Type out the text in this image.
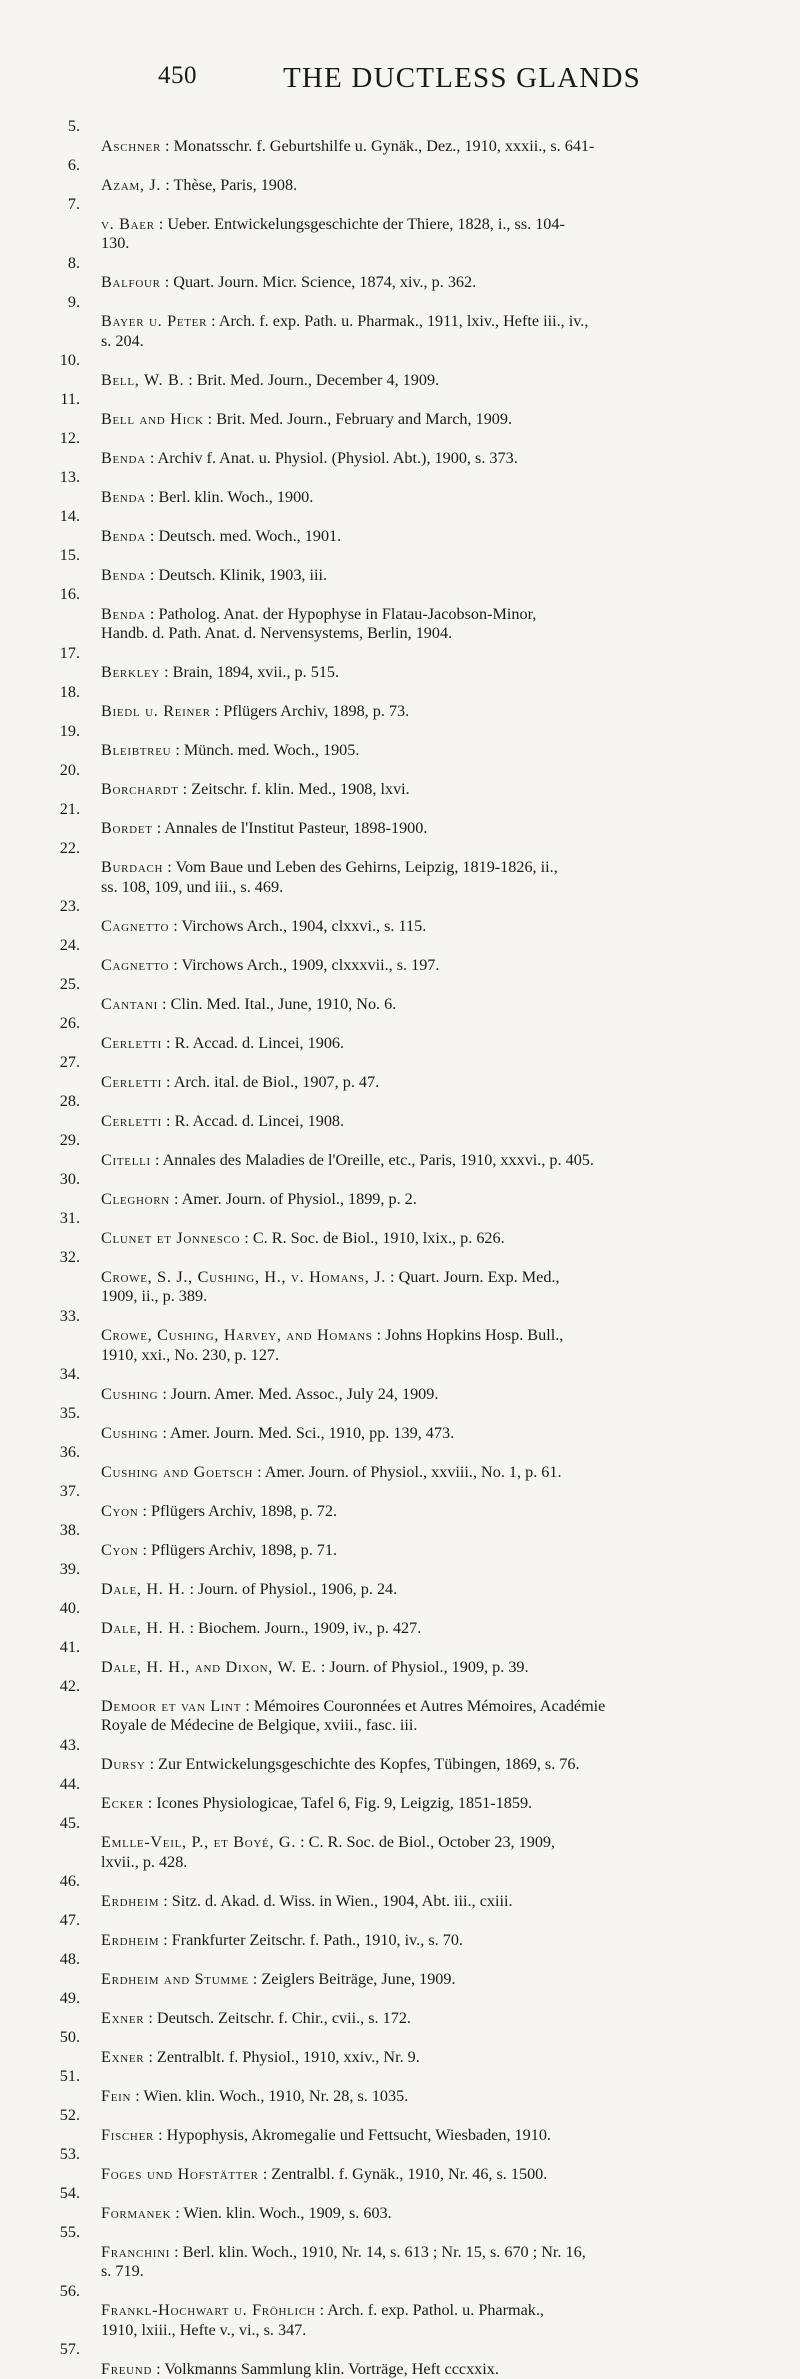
450	THE DUCTLESS GLANDS

5.
Aschner : Monatsschr. f. Geburtshilfe u. Gynäk., Dez., 1910, xxxii., s. 641-

6.
Azam, J. : Thèse, Paris, 1908.

7.
v. Baer : Ueber. Entwickelungsgeschichte der Thiere, 1828, i., ss. 104-
130.

8.
Balfour : Quart. Journ. Micr. Science, 1874, xiv., p. 362.

9.
Bayer u. Peter : Arch. f. exp. Path. u. Pharmak., 1911, lxiv., Hefte iii., iv.,
s. 204.

10.
Bell, W. B. : Brit. Med. Journ., December 4, 1909.

11.
Bell and Hick : Brit. Med. Journ., February and March, 1909.

12.
Benda : Archiv f. Anat. u. Physiol. (Physiol. Abt.), 1900, s. 373.

13.
Benda : Berl. klin. Woch., 1900.

14.
Benda : Deutsch. med. Woch., 1901.

15.
Benda : Deutsch. Klinik, 1903, iii.

16.
Benda : Patholog. Anat. der Hypophyse in Flatau-Jacobson-Minor,
Handb. d. Path. Anat. d. Nervensystems, Berlin, 1904.

17.
Berkley : Brain, 1894, xvii., p. 515.

18.
Biedl u. Reiner : Pflügers Archiv, 1898, p. 73.

19.
Bleibtreu : Münch. med. Woch., 1905.

20.
Borchardt : Zeitschr. f. klin. Med., 1908, lxvi.

21.
Bordet : Annales de l'Institut Pasteur, 1898-1900.

22.
Burdach : Vom Baue und Leben des Gehirns, Leipzig, 1819-1826, ii.,
ss. 108, 109, und iii., s. 469.

23.
Cagnetto : Virchows Arch., 1904, clxxvi., s. 115.

24.
Cagnetto : Virchows Arch., 1909, clxxxvii., s. 197.

25.
Cantani : Clin. Med. Ital., June, 1910, No. 6.

26.
Cerletti : R. Accad. d. Lincei, 1906.

27.
Cerletti : Arch. ital. de Biol., 1907, p. 47.

28.
Cerletti : R. Accad. d. Lincei, 1908.

29.
Citelli : Annales des Maladies de l'Oreille, etc., Paris, 1910, xxxvi., p. 405.

30.
Cleghorn : Amer. Journ. of Physiol., 1899, p. 2.

31.
Clunet et Jonnesco : C. R. Soc. de Biol., 1910, lxix., p. 626.

32.
Crowe, S. J., Cushing, H., v. Homans, J. : Quart. Journ. Exp. Med.,
1909, ii., p. 389.

33.
Crowe, Cushing, Harvey, and Homans : Johns Hopkins Hosp. Bull.,
1910, xxi., No. 230, p. 127.

34.
Cushing : Journ. Amer. Med. Assoc., July 24, 1909.

35.
Cushing : Amer. Journ. Med. Sci., 1910, pp. 139, 473.

36.
Cushing and Goetsch : Amer. Journ. of Physiol., xxviii., No. 1, p. 61.

37.
Cyon : Pflügers Archiv, 1898, p. 72.

38.
Cyon : Pflügers Archiv, 1898, p. 71.

39.
Dale, H. H. : Journ. of Physiol., 1906, p. 24.

40.
Dale, H. H. : Biochem. Journ., 1909, iv., p. 427.

41.
Dale, H. H., and Dixon, W. E. : Journ. of Physiol., 1909, p. 39.

42.
Demoor et van Lint : Mémoires Couronnées et Autres Mémoires, Académie
Royale de Médecine de Belgique, xviii., fasc. iii.

43.
Dursy : Zur Entwickelungsgeschichte des Kopfes, Tübingen, 1869, s. 76.

44.
Ecker : Icones Physiologicae, Tafel 6, Fig. 9, Leigzig, 1851-1859.

45.
Emlle-Veil, P., et Boyé, G. : C. R. Soc. de Biol., October 23, 1909,
lxvii., p. 428.

46.
Erdheim : Sitz. d. Akad. d. Wiss. in Wien., 1904, Abt. iii., cxiii.

47.
Erdheim : Frankfurter Zeitschr. f. Path., 1910, iv., s. 70.

48.
Erdheim and Stumme : Zeiglers Beiträge, June, 1909.

49.
Exner : Deutsch. Zeitschr. f. Chir., cvii., s. 172.

50.
Exner : Zentralblt. f. Physiol., 1910, xxiv., Nr. 9.

51.
Fein : Wien. klin. Woch., 1910, Nr. 28, s. 1035.

52.
Fischer : Hypophysis, Akromegalie und Fettsucht, Wiesbaden, 1910.

53.
Foges und Hofstätter : Zentralbl. f. Gynäk., 1910, Nr. 46, s. 1500.

54.
Formanek : Wien. klin. Woch., 1909, s. 603.

55.
Franchini : Berl. klin. Woch., 1910, Nr. 14, s. 613 ; Nr. 15, s. 670 ; Nr. 16,
s. 719.

56.
Frankl-Hochwart u. Fröhlich : Arch. f. exp. Pathol. u. Pharmak.,
1910, lxiii., Hefte v., vi., s. 347.

57.
Freund : Volkmanns Sammlung klin. Vorträge, Heft cccxxix.
